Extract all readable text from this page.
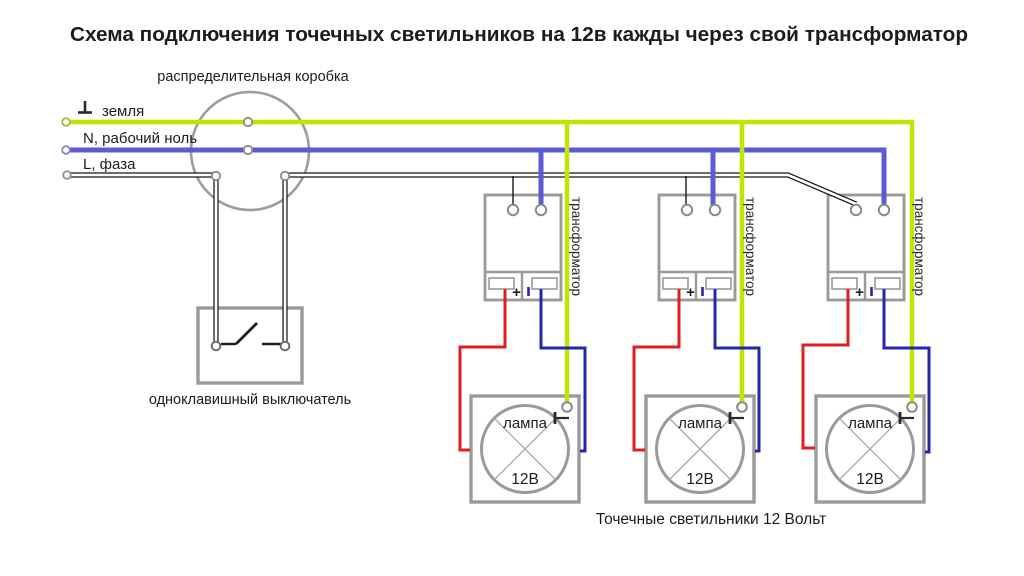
+	+	+
Схема подключения точечных светильников на 12в кажды через свой трансформатор
распределительная коробка
земля
N, рабочий ноль
L, фаза
одноклавишный выключатель
трансформатор	трансформатор	трансформатор
лампа
12В
лампа
12В
лампа
12В
Точечные светильники 12 Вольт
